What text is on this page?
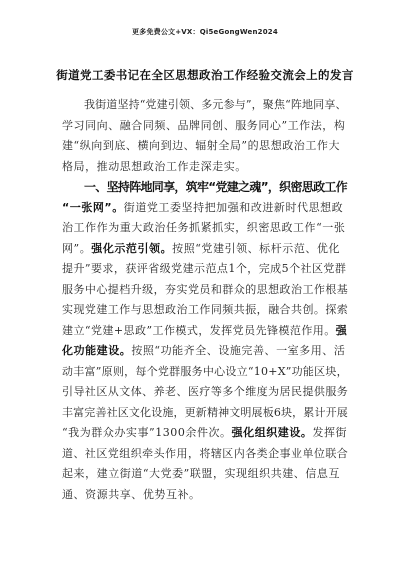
更多免费公文+VX：Qi5eGongWen2024
街道党工委书记在全区思想政治工作经验交流会上的发言
我街道坚持“党建引领、多元参与”，聚焦“阵地同享、
学习同向、融合同频、品牌同创、服务同心”工作法，构
建“纵向到底、横向到边、辐射全局”的思想政治工作大
格局，推动思想政治工作走深走实。
一、坚持阵地同享，筑牢“党建之魂”，织密思政工作
“一张网”。街道党工委坚持把加强和改进新时代思想政
治工作作为重大政治任务抓紧抓实，织密思政工作“一张
网”。强化示范引领。按照“党建引领、标杆示范、优化
提升”要求，获评省级党建示范点1个，完成5个社区党群
服务中心提档升级，夯实党员和群众的思想政治工作根基
实现党建工作与思想政治工作同频共振，融合共创。探索
建立“党建+思政”工作模式，发挥党员先锋模范作用。强
化功能建设。按照“功能齐全、设施完善、一室多用、活
动丰富”原则，每个党群服务中心设立“10+X”功能区块，
引导社区从文体、养老、医疗等多个维度为居民提供服务
丰富完善社区文化设施，更新精神文明展板6块，累计开展
“我为群众办实事”1300余件次。强化组织建设。发挥街
道、社区党组织牵头作用，将辖区内各类企事业单位联合
起来，建立街道“大党委”联盟，实现组织共建、信息互
通、资源共享、优势互补。
